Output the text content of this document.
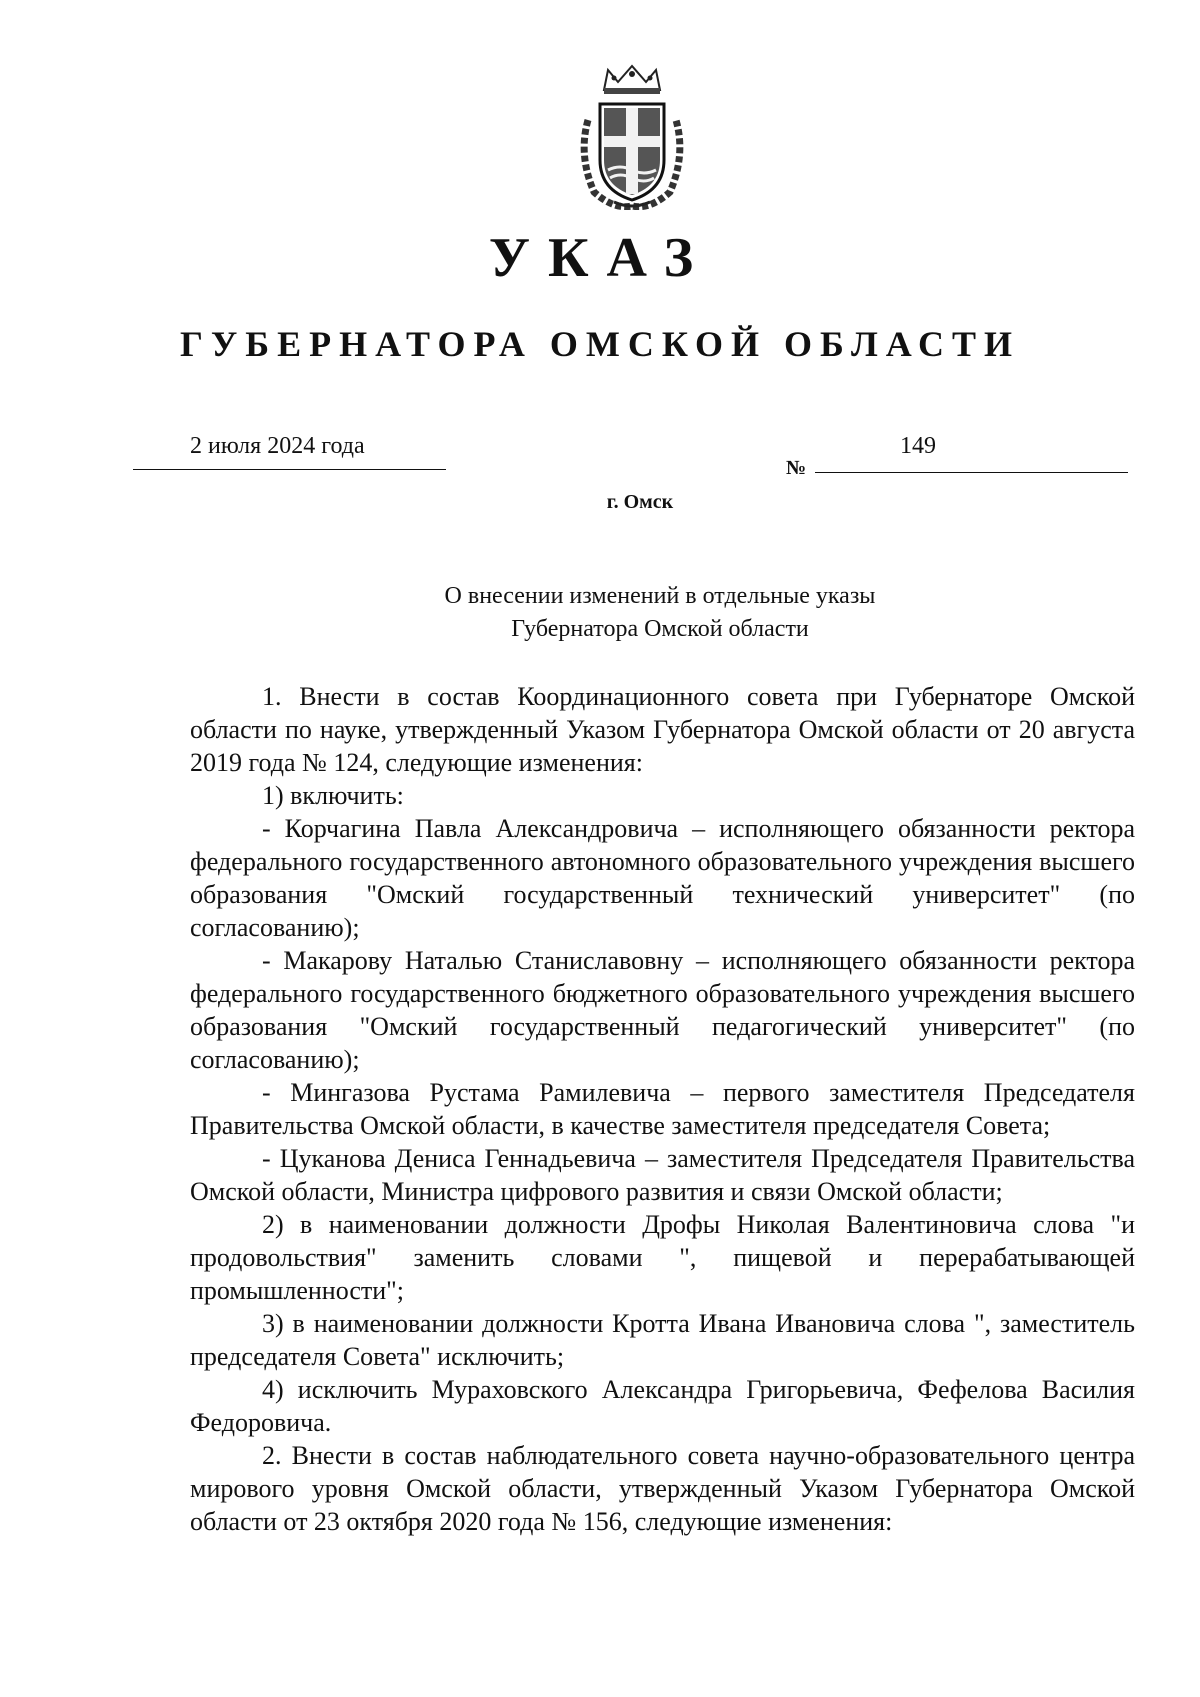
УКАЗ
ГУБЕРНАТОРА ОМСКОЙ ОБЛАСТИ
2 июля 2024 года
№
149
г. Омск
О внесении изменений в отдельные указы
Губернатора Омской области

1. Внести в состав Координационного совета при Губернаторе Омской области по науке, утвержденный Указом Губернатора Омской области от 20 августа 2019 года № 124, следующие изменения:

1) включить:

- Корчагина Павла Александровича – исполняющего обязанности ректора федерального государственного автономного образовательного учреждения высшего образования "Омский государственный технический университет" (по согласованию);

- Макарову Наталью Станиславовну – исполняющего обязанности ректора федерального государственного бюджетного образовательного учреждения высшего образования "Омский государственный педагогический университет" (по согласованию);

- Мингазова Рустама Рамилевича – первого заместителя Председателя Правительства Омской области, в качестве заместителя председателя Совета;

- Цуканова Дениса Геннадьевича – заместителя Председателя Правительства Омской области, Министра цифрового развития и связи Омской области;

2) в наименовании должности Дрофы Николая Валентиновича слова "и продовольствия" заменить словами ", пищевой и перерабатывающей промышленности";

3) в наименовании должности Кротта Ивана Ивановича слова ", заместитель председателя Совета" исключить;

4) исключить Мураховского Александра Григорьевича, Фефелова Василия Федоровича.

2. Внести в состав наблюдательного совета научно-образовательного центра мирового уровня Омской области, утвержденный Указом Губернатора Омской области от 23 октября 2020 года № 156, следующие изменения:
